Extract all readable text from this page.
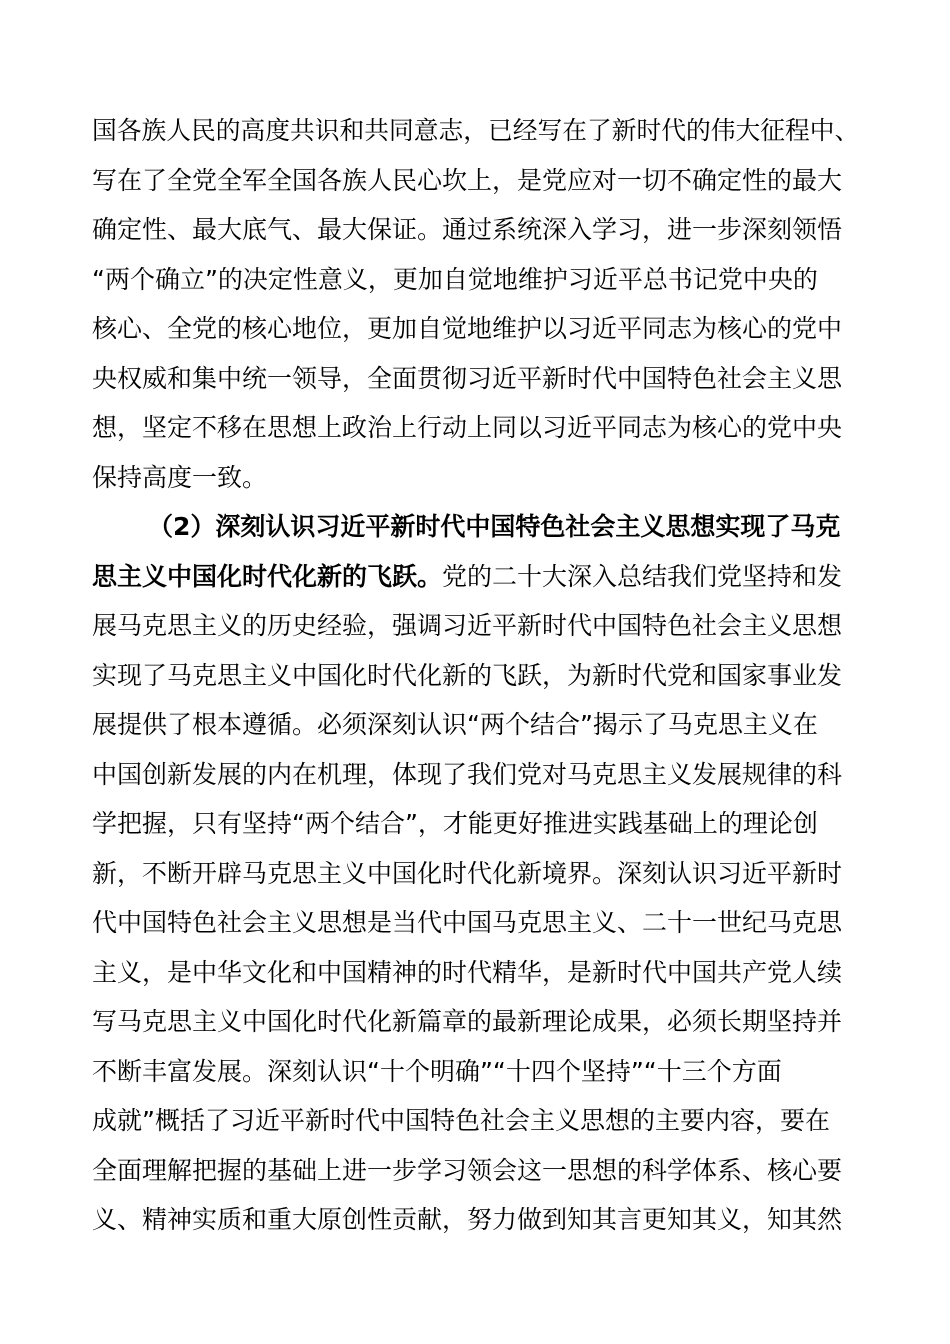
国各族人民的高度共识和共同意志，已经写在了新时代的伟大征程中、
写在了全党全军全国各族人民心坎上，是党应对一切不确定性的最大
确定性、最大底气、最大保证。通过系统深入学习，进一步深刻领悟
“两个确立”的决定性意义，更加自觉地维护习近平总书记党中央的
核心、全党的核心地位，更加自觉地维护以习近平同志为核心的党中
央权威和集中统一领导，全面贯彻习近平新时代中国特色社会主义思
想，坚定不移在思想上政治上行动上同以习近平同志为核心的党中央
保持高度一致。
（2）深刻认识习近平新时代中国特色社会主义思想实现了马克
思主义中国化时代化新的飞跃。党的二十大深入总结我们党坚持和发
展马克思主义的历史经验，强调习近平新时代中国特色社会主义思想
实现了马克思主义中国化时代化新的飞跃，为新时代党和国家事业发
展提供了根本遵循。必须深刻认识“两个结合”揭示了马克思主义在
中国创新发展的内在机理，体现了我们党对马克思主义发展规律的科
学把握，只有坚持“两个结合”，才能更好推进实践基础上的理论创
新，不断开辟马克思主义中国化时代化新境界。深刻认识习近平新时
代中国特色社会主义思想是当代中国马克思主义、二十一世纪马克思
主义，是中华文化和中国精神的时代精华，是新时代中国共产党人续
写马克思主义中国化时代化新篇章的最新理论成果，必须长期坚持并
不断丰富发展。深刻认识“十个明确”“十四个坚持”“十三个方面
成就”概括了习近平新时代中国特色社会主义思想的主要内容，要在
全面理解把握的基础上进一步学习领会这一思想的科学体系、核心要
义、精神实质和重大原创性贡献，努力做到知其言更知其义，知其然
